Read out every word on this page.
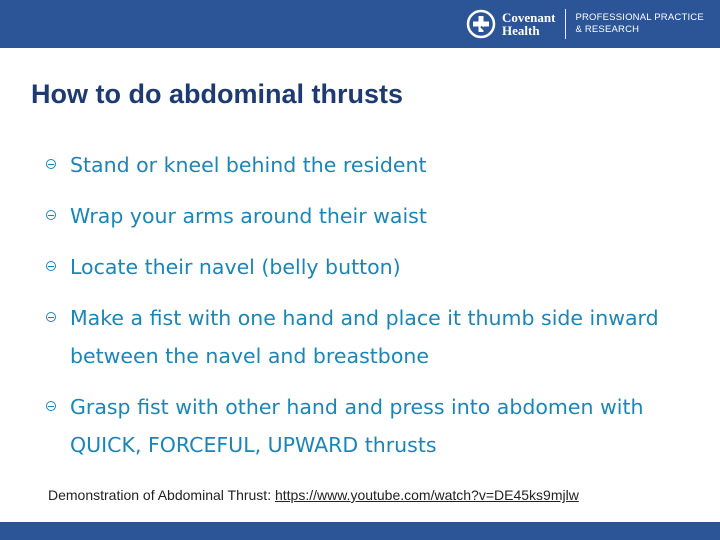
Covenant
Health
PROFESSIONAL PRACTICE
& RESEARCH
How to do abdominal thrusts
Stand or kneel behind the resident
Wrap your arms around their waist
Locate their navel (belly button)
Make a fist with one hand and place it thumb side inward between the navel and breastbone
Grasp fist with other hand and press into abdomen with QUICK, FORCEFUL, UPWARD thrusts
Demonstration of Abdominal Thrust: https://www.youtube.com/watch?v=DE45ks9mjlw
